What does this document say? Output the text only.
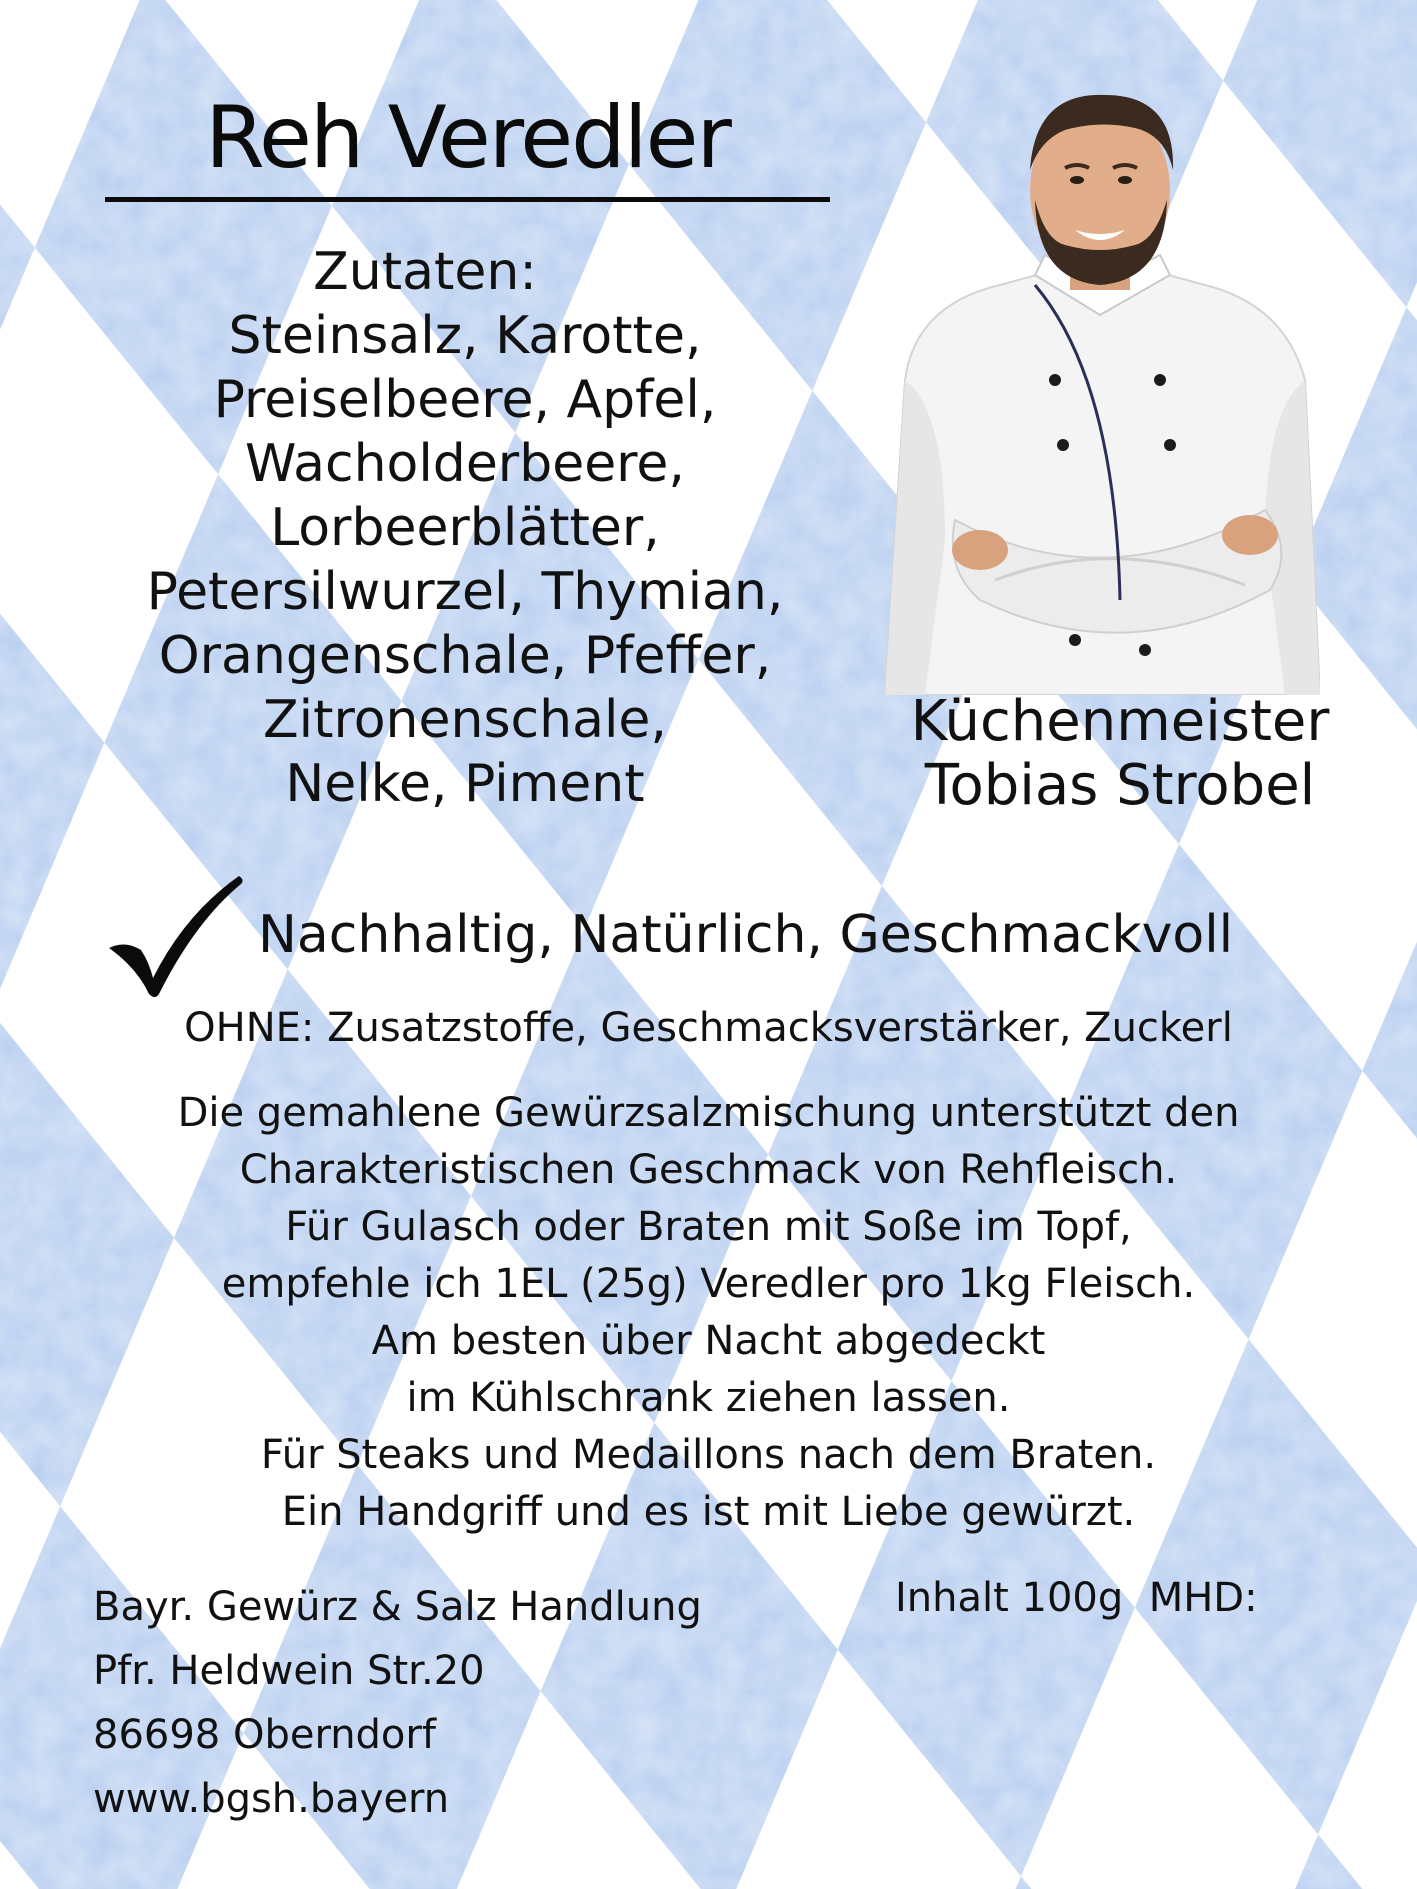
Reh Veredler
Zutaten:
Steinsalz, Karotte,
Preiselbeere, Apfel,
Wacholderbeere,
Lorbeerblätter,
Petersilwurzel, Thymian,
Orangenschale, Pfeffer,
Zitronenschale,
Nelke, Piment
Küchenmeister
Tobias Strobel
Nachhaltig, Natürlich, Geschmackvoll
OHNE: Zusatzstoffe, Geschmacksverstärker, Zuckerl
Die gemahlene Gewürzsalzmischung unterstützt den
Charakteristischen Geschmack von Rehfleisch.
Für Gulasch oder Braten mit Soße im Topf,
empfehle ich 1EL (25g) Veredler pro 1kg Fleisch.
Am besten über Nacht abgedeckt
im Kühlschrank ziehen lassen.
Für Steaks und Medaillons nach dem Braten.
Ein Handgriff und es ist mit Liebe gewürzt.
Bayr. Gewürz & Salz Handlung
Pfr. Heldwein Str.20
86698 Oberndorf
www.bgsh.bayern
Inhalt 100g  MHD:
